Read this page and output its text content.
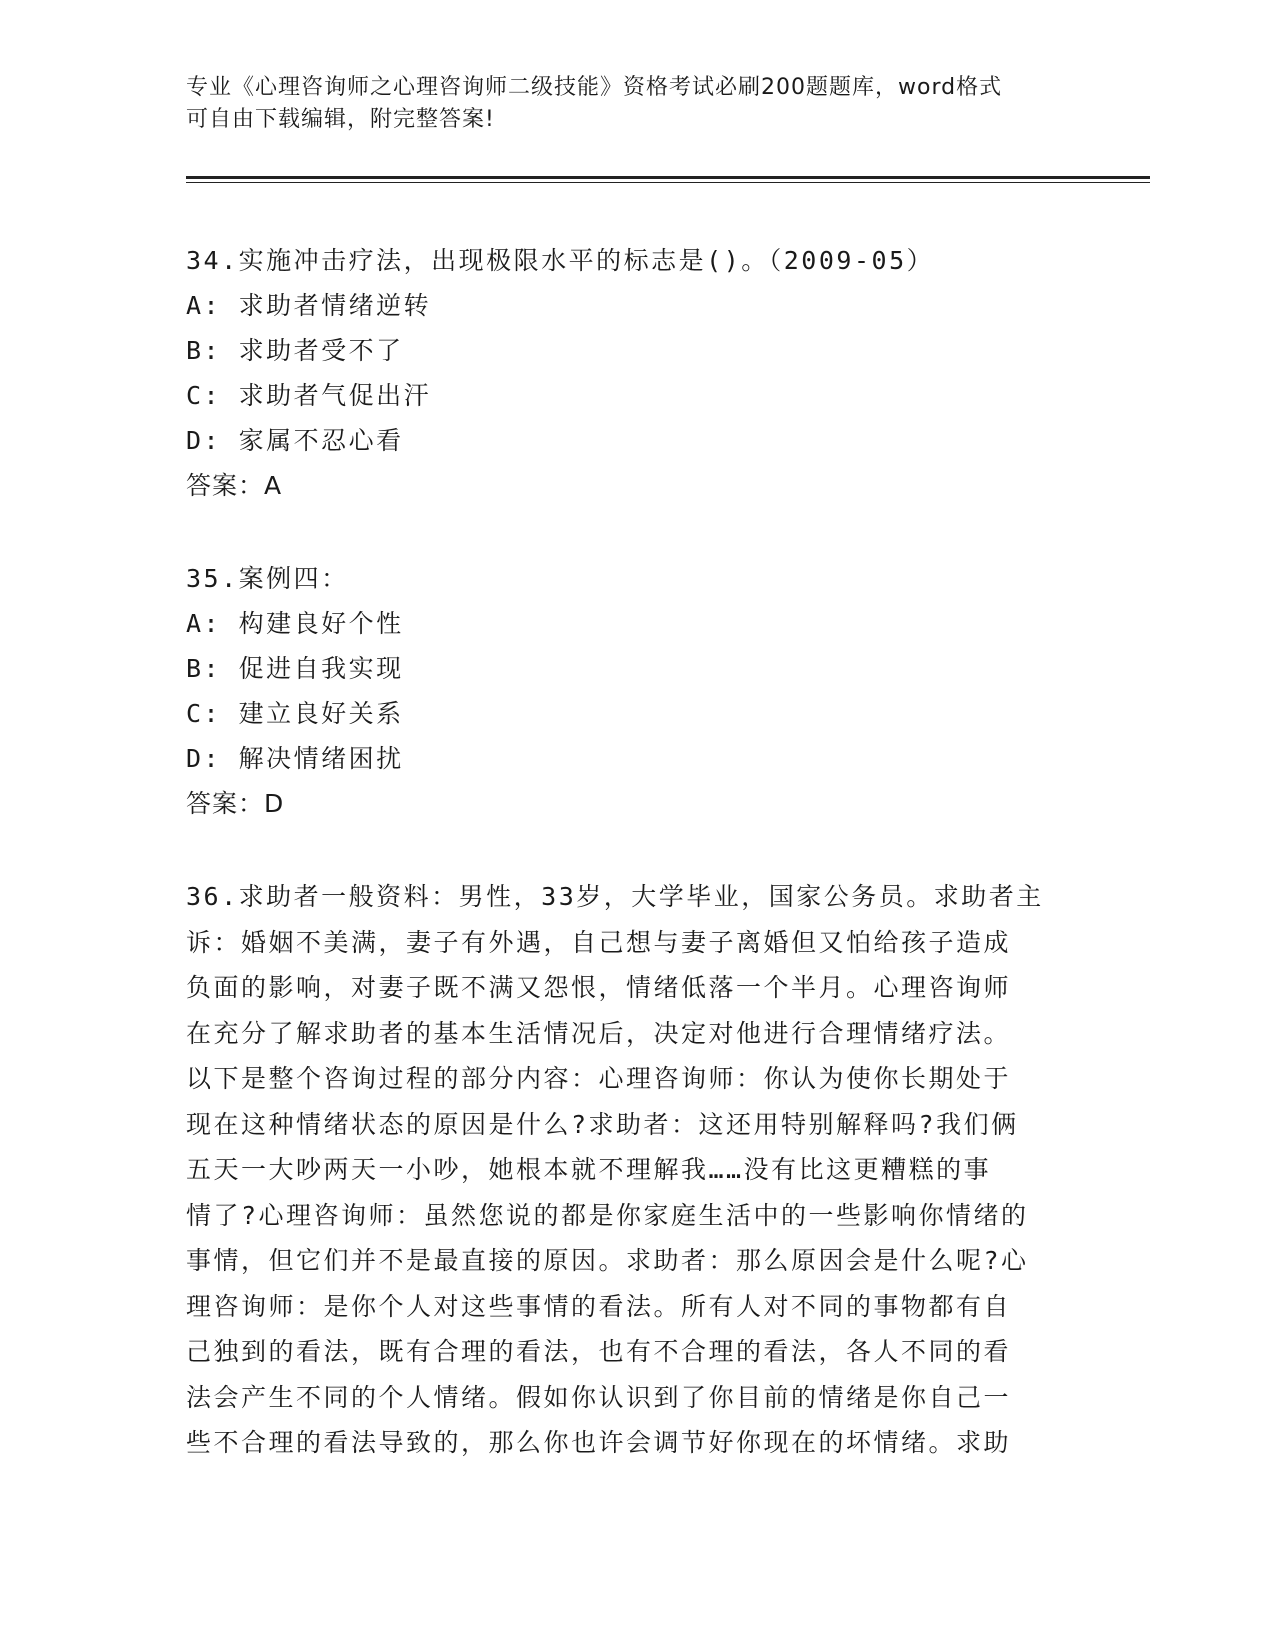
专业《心理咨询师之心理咨询师二级技能》资格考试必刷200题题库，word格式
可自由下载编辑，附完整答案!
34.实施冲击疗法，出现极限水平的标志是()。（2009-05）
A: 求助者情绪逆转
B: 求助者受不了
C: 求助者气促出汗
D: 家属不忍心看
答案：A
35.案例四：
A: 构建良好个性
B: 促进自我实现
C: 建立良好关系
D: 解决情绪困扰
答案：D
36.求助者一般资料：男性，33岁，大学毕业，国家公务员。求助者主
诉：婚姻不美满，妻子有外遇，自己想与妻子离婚但又怕给孩子造成
负面的影响，对妻子既不满又怨恨，情绪低落一个半月。心理咨询师
在充分了解求助者的基本生活情况后，决定对他进行合理情绪疗法。
以下是整个咨询过程的部分内容：心理咨询师：你认为使你长期处于
现在这种情绪状态的原因是什么?求助者：这还用特别解释吗?我们俩
五天一大吵两天一小吵，她根本就不理解我……没有比这更糟糕的事
情了?心理咨询师：虽然您说的都是你家庭生活中的一些影响你情绪的
事情，但它们并不是最直接的原因。求助者：那么原因会是什么呢?心
理咨询师：是你个人对这些事情的看法。所有人对不同的事物都有自
己独到的看法，既有合理的看法，也有不合理的看法，各人不同的看
法会产生不同的个人情绪。假如你认识到了你目前的情绪是你自己一
些不合理的看法导致的，那么你也许会调节好你现在的坏情绪。求助
